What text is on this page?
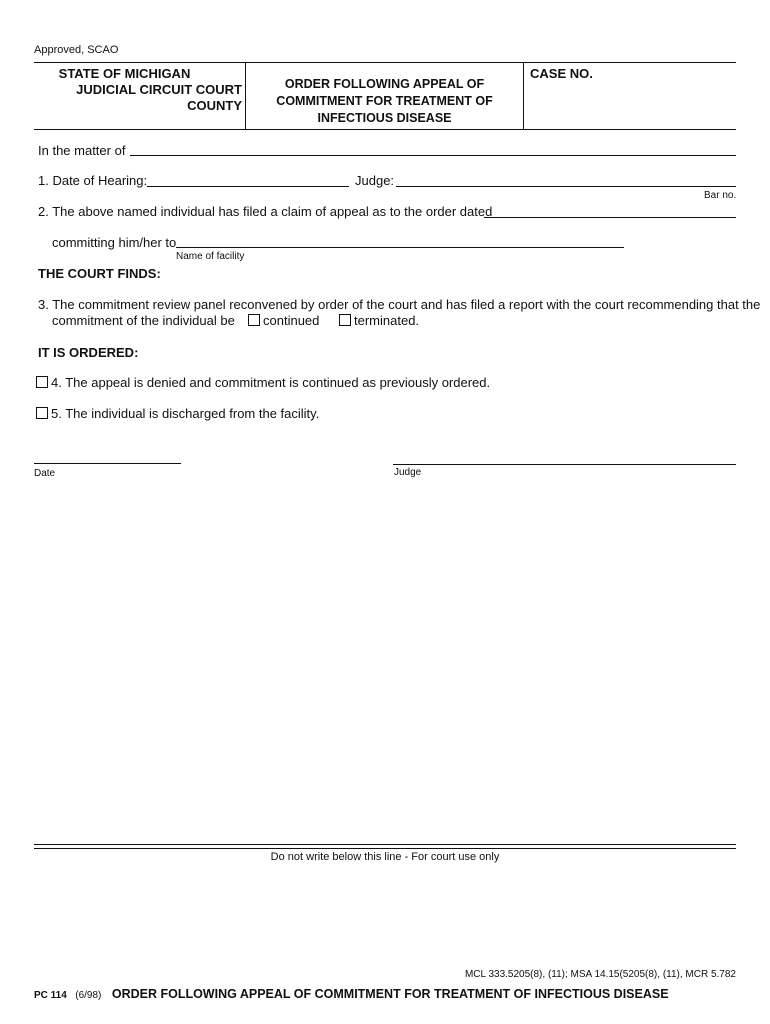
Approved, SCAO
STATE OF MICHIGAN
JUDICIAL CIRCUIT COURT
COUNTY
ORDER FOLLOWING APPEAL OF
COMMITMENT FOR TREATMENT OF
INFECTIOUS DISEASE
CASE NO.
In the matter of
1. Date of Hearing:	Judge:
Bar no.
2. The above named individual has filed a claim of appeal as to the order dated
committing him/her to
Name of facility
THE COURT FINDS:
3. The commitment review panel reconvened by order of the court and has filed a report with the court recommending that the
commitment of the individual be	continued	terminated.
IT IS ORDERED:
4. The appeal is denied and commitment is continued as previously ordered.
5. The individual is discharged from the facility.
Date	Judge
Do not write below this line - For court use only
MCL 333.5205(8), (11); MSA 14.15(5205(8), (11), MCR 5.782
PC 114 (6/98) ORDER FOLLOWING APPEAL OF COMMITMENT FOR TREATMENT OF INFECTIOUS DISEASE
